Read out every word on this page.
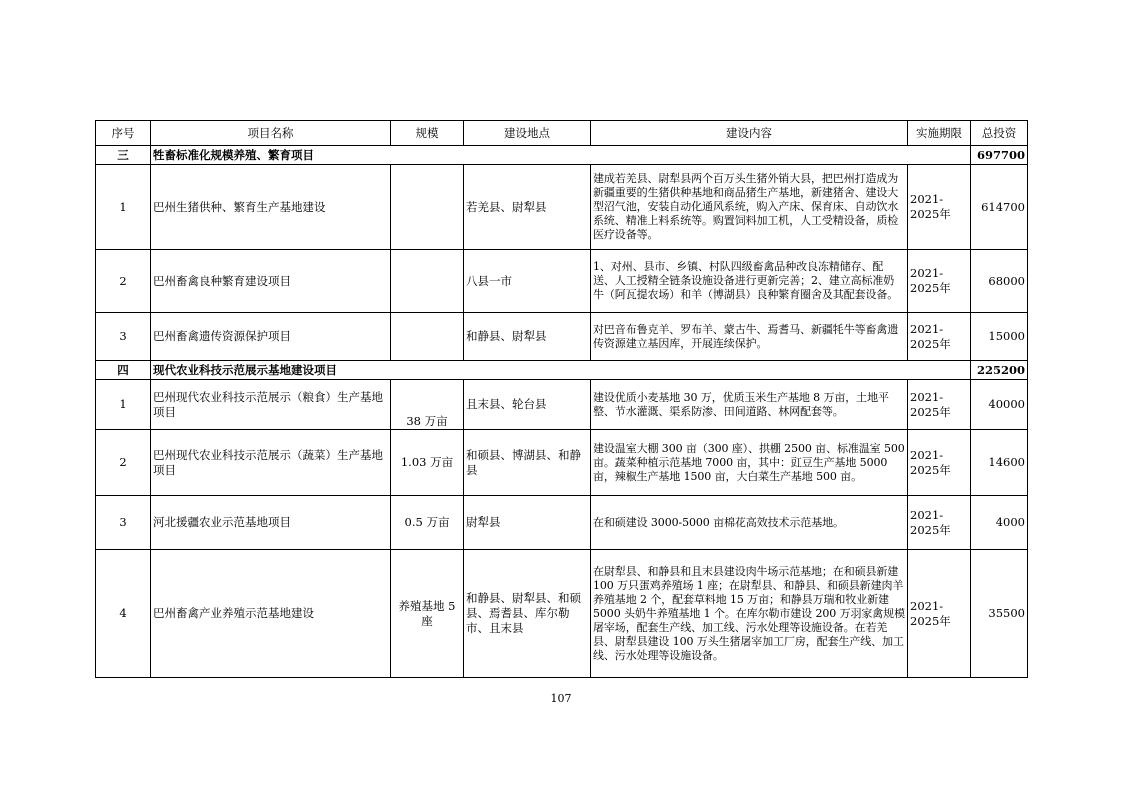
序号	项目名称	规模	建设地点	建设内容	实施期限	总投资
三	牲畜标准化规模养殖、繁育项目					697700
1	巴州生猪供种、繁育生产基地建设		若羌县、尉犁县	建成若羌县、尉犁县两个百万头生猪外销大县，把巴州打造成为新疆重要的生猪供种基地和商品猪生产基地，新建猪舍、建设大型沼气池，安装自动化通风系统，购入产床、保育床、自动饮水系统、精准上料系统等。购置饲料加工机，人工受精设备，质检医疗设备等。	2021-2025年	614700
2	巴州畜禽良种繁育建设项目		八县一市	1、对州、县市、乡镇、村队四级畜禽品种改良冻精储存、配送、人工授精全链条设施设备进行更新完善；2、建立高标准奶牛（阿瓦提农场）和羊（博湖县）良种繁育圈舍及其配套设备。	2021-2025年	68000
3	巴州畜禽遗传资源保护项目		和静县、尉犁县	对巴音布鲁克羊、罗布羊、蒙古牛、焉耆马、新疆牦牛等畜禽遗传资源建立基因库，开展连续保护。	2021-2025年	15000
四	现代农业科技示范展示基地建设项目					225200
1	巴州现代农业科技示范展示（粮食）生产基地项目	38 万亩	且末县、轮台县	建设优质小麦基地 30 万，优质玉米生产基地 8 万亩，土地平整、节水灌溉、渠系防渗、田间道路、林网配套等。	2021-2025年	40000
2	巴州现代农业科技示范展示（蔬菜）生产基地项目	1.03 万亩	和硕县、博湖县、和静县	建设温室大棚 300 亩（300 座）、拱棚 2500 亩、标准温室 500 亩。蔬菜种植示范基地 7000 亩，其中：豇豆生产基地 5000 亩，辣椒生产基地 1500 亩，大白菜生产基地 500 亩。	2021-2025年	14600
3	河北援疆农业示范基地项目	0.5 万亩	尉犁县	在和硕建设 3000-5000 亩棉花高效技术示范基地。	2021-2025年	4000
4	巴州畜禽产业养殖示范基地建设	养殖基地 5 座	和静县、尉犁县、和硕县、焉耆县、库尔勒市、且末县	在尉犁县、和静县和且末县建设肉牛场示范基地；在和硕县新建 100 万只蛋鸡养殖场 1 座；在尉犁县、和静县、和硕县新建肉羊养殖基地 2 个，配套草料地 15 万亩；和静县万瑞和牧业新建 5000 头奶牛养殖基地 1 个。在库尔勒市建设 200 万羽家禽规模屠宰场，配套生产线、加工线、污水处理等设施设备。在若羌县、尉犁县建设 100 万头生猪屠宰加工厂房，配套生产线、加工线、污水处理等设施设备。	2021-2025年	35500
107
